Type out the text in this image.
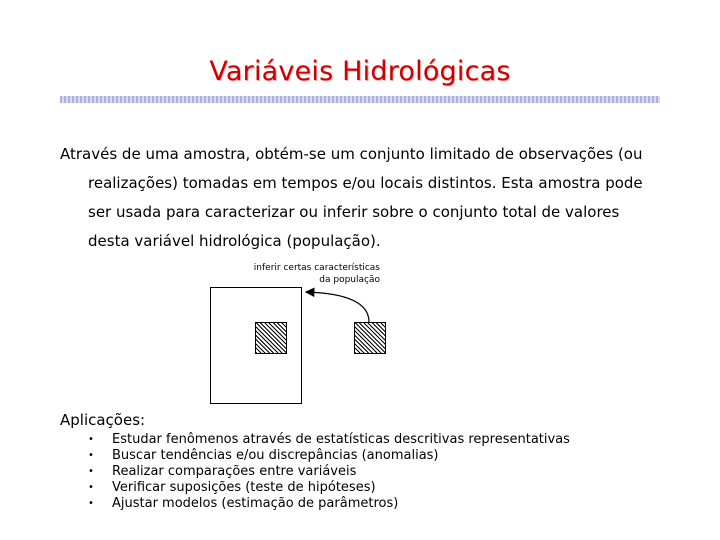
Variáveis Hidrológicas
Através de uma amostra, obtém-se um conjunto limitado de observações (ou
realizações) tomadas em tempos e/ou locais distintos. Esta amostra pode
ser usada para caracterizar ou inferir sobre o conjunto total de valores
desta variável hidrológica (população).
inferir certas características
da população
Aplicações:
• Estudar fenômenos através de estatísticas descritivas representativas
• Buscar tendências e/ou discrepâncias (anomalias)
• Realizar comparações entre variáveis
• Verificar suposições (teste de hipóteses)
• Ajustar modelos (estimação de parâmetros)
